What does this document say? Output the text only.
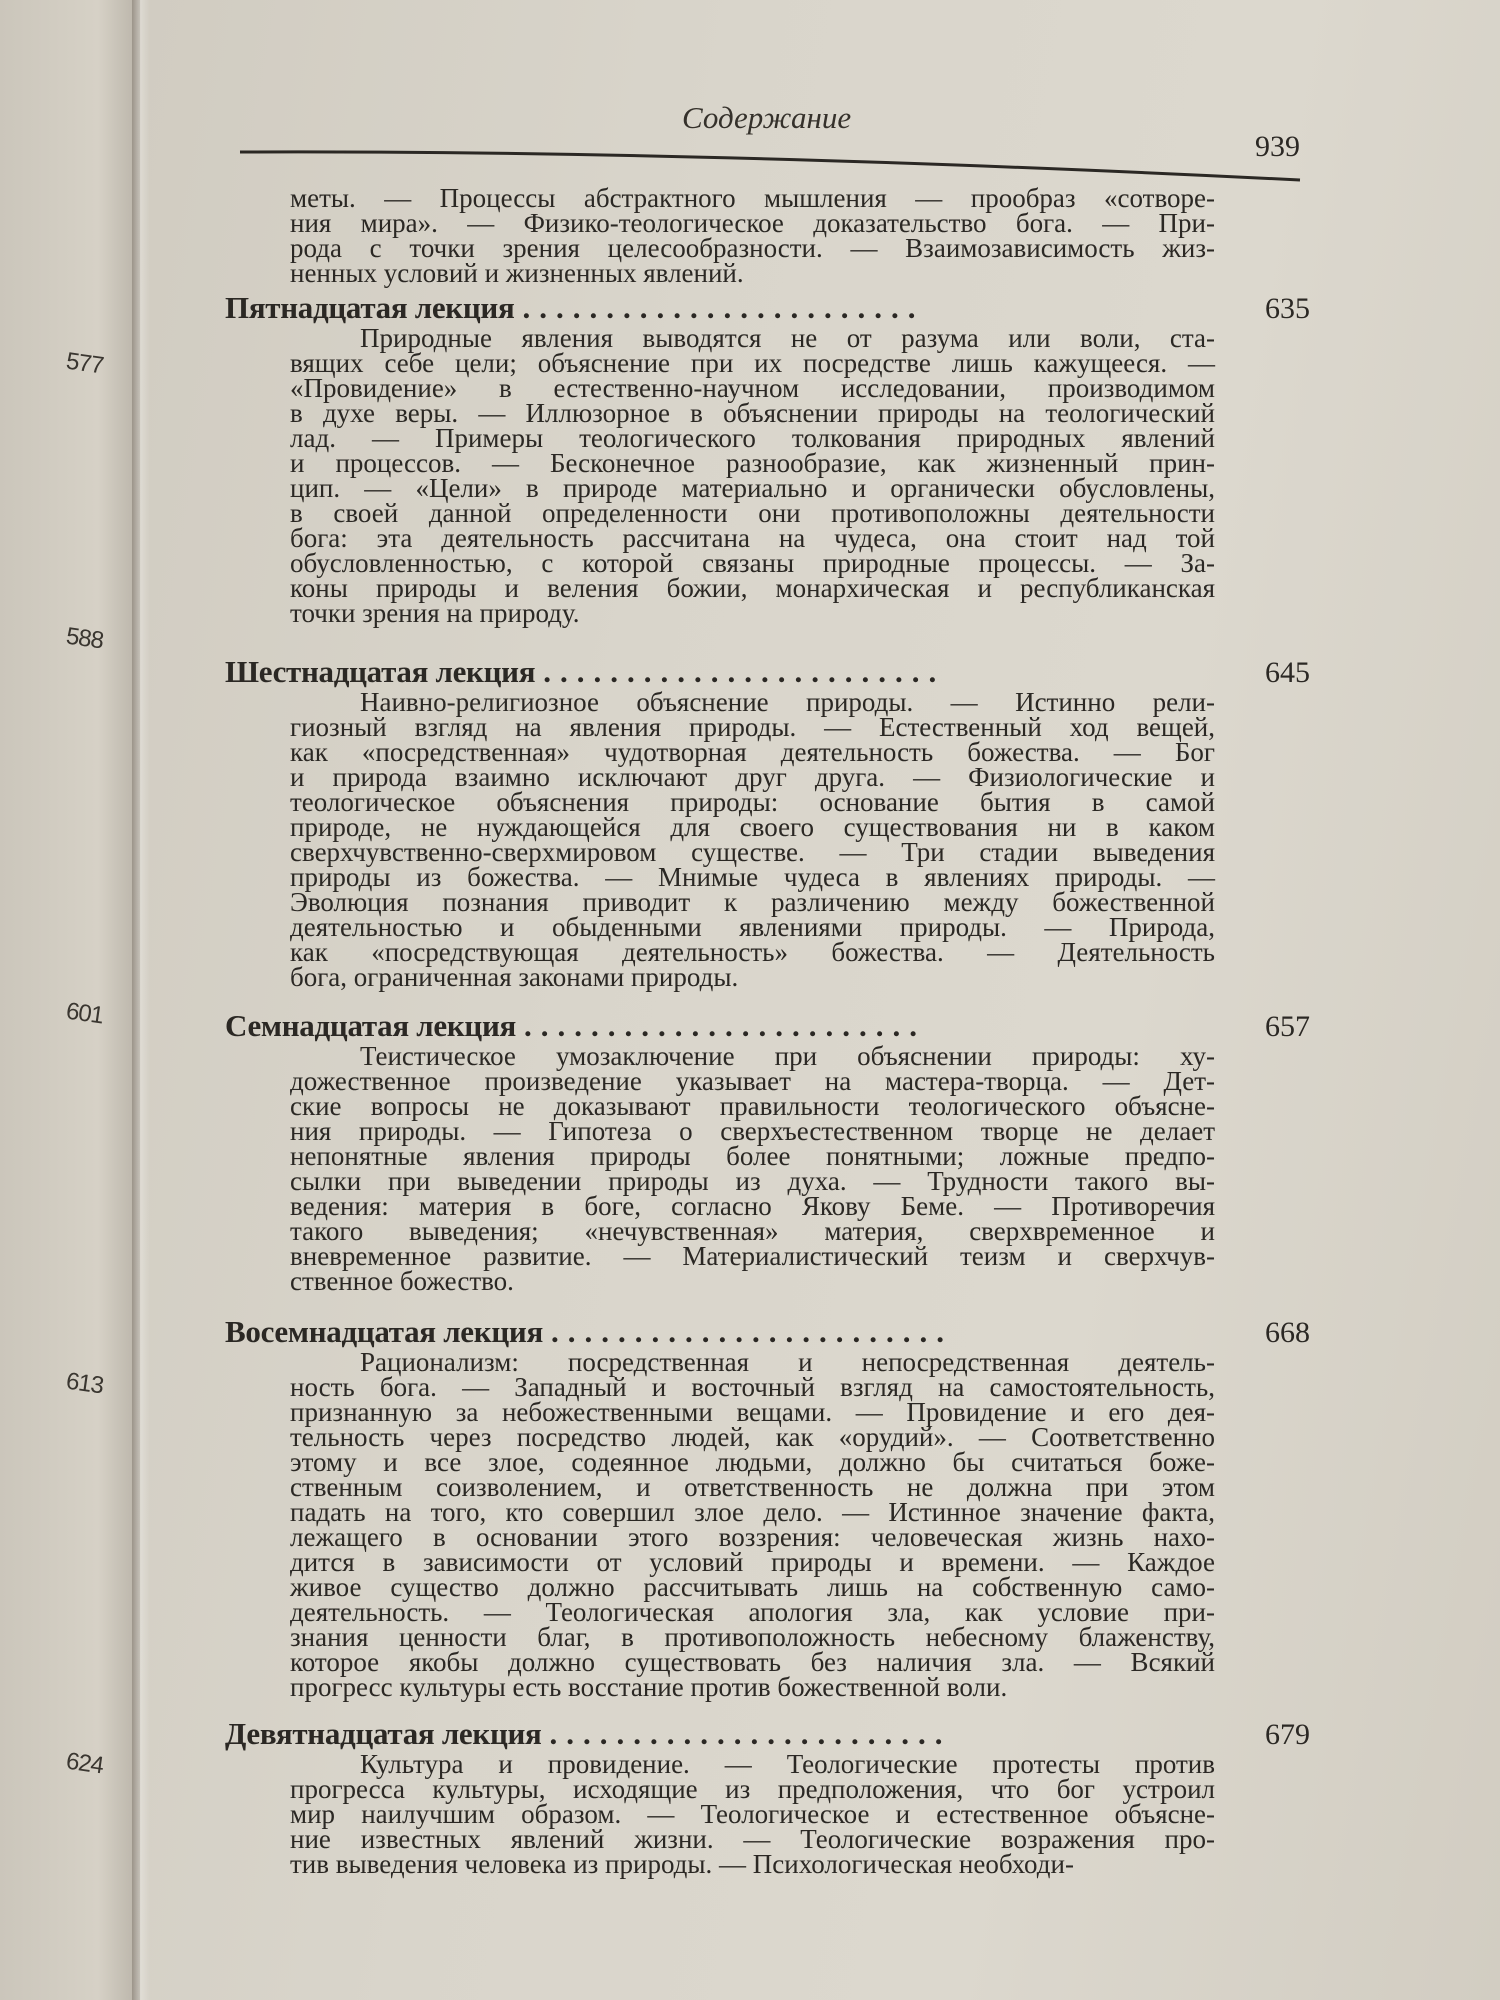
577
588
601
613
624
Содержание
939
меты. — Процессы абстрактного мышления — прообраз «сотворе-
ния мира». — Физико-теологическое доказательство бога. — При-
рода с точки зрения целесообразности. — Взаимозависимость жиз-
ненных условий и жизненных явлений.
Пятнадцатая лекция ........................	635
Природные явления выводятся не от разума или воли, ста-
вящих себе цели; объяснение при их посредстве лишь кажущееся. —
«Провидение» в естественно-научном исследовании, производимом
в духе веры. — Иллюзорное в объяснении природы на теологический
лад. — Примеры теологического толкования природных явлений
и процессов. — Бесконечное разнообразие, как жизненный прин-
цип. — «Цели» в природе материально и органически обусловлены,
в своей данной определенности они противоположны деятельности
бога: эта деятельность рассчитана на чудеса, она стоит над той
обусловленностью, с которой связаны природные процессы. — За-
коны природы и веления божии, монархическая и республиканская
точки зрения на природу.
Шестнадцатая лекция ........................	645
Наивно-религиозное объяснение природы. — Истинно рели-
гиозный взгляд на явления природы. — Естественный ход вещей,
как «посредственная» чудотворная деятельность божества. — Бог
и природа взаимно исключают друг друга. — Физиологические и
теологическое объяснения природы: основание бытия в самой
природе, не нуждающейся для своего существования ни в каком
сверхчувственно-сверхмировом существе. — Три стадии выведения
природы из божества. — Мнимые чудеса в явлениях природы. —
Эволюция познания приводит к различению между божественной
деятельностью и обыденными явлениями природы. — Природа,
как «посредствующая деятельность» божества. — Деятельность
бога, ограниченная законами природы.
Семнадцатая лекция ........................	657
Теистическое умозаключение при объяснении природы: ху-
дожественное произведение указывает на мастера-творца. — Дет-
ские вопросы не доказывают правильности теологического объясне-
ния природы. — Гипотеза о сверхъестественном творце не делает
непонятные явления природы более понятными; ложные предпо-
сылки при выведении природы из духа. — Трудности такого вы-
ведения: материя в боге, согласно Якову Беме. — Противоречия
такого выведения; «нечувственная» материя, сверхвременное и
вневременное развитие. — Материалистический теизм и сверхчув-
ственное божество.
Восемнадцатая лекция ........................	668
Рационализм: посредственная и непосредственная деятель-
ность бога. — Западный и восточный взгляд на самостоятельность,
признанную за небожественными вещами. — Провидение и его дея-
тельность через посредство людей, как «орудий». — Соответственно
этому и все злое, содеянное людьми, должно бы считаться боже-
ственным соизволением, и ответственность не должна при этом
падать на того, кто совершил злое дело. — Истинное значение факта,
лежащего в основании этого воззрения: человеческая жизнь нахо-
дится в зависимости от условий природы и времени. — Каждое
живое существо должно рассчитывать лишь на собственную само-
деятельность. — Теологическая апология зла, как условие при-
знания ценности благ, в противоположность небесному блаженству,
которое якобы должно существовать без наличия зла. — Всякий
прогресс культуры есть восстание против божественной воли.
Девятнадцатая лекция ........................	679
Культура и провидение. — Теологические протесты против
прогресса культуры, исходящие из предположения, что бог устроил
мир наилучшим образом. — Теологическое и естественное объясне-
ние известных явлений жизни. — Теологические возражения про-
тив выведения человека из природы. — Психологическая необходи-
